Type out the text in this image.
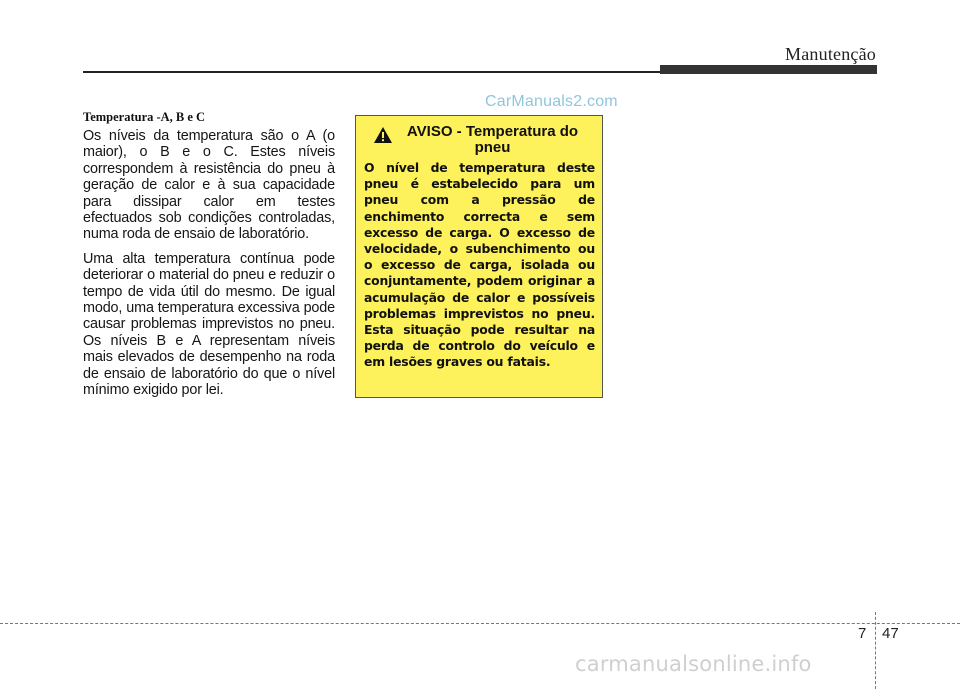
Manutenção
CarManuals2.com
Temperatura -A, B e C

Os níveis da temperatura são o A (o maior), o B e o C. Estes níveis correspondem à resistência do pneu à geração de calor e à sua capacidade para dissipar calor em testes efectuados sob condições controladas, numa roda de ensaio de laboratório.

Uma alta temperatura contínua pode deteriorar o material do pneu e reduzir o tempo de vida útil do mesmo. De igual modo, uma temperatura excessiva pode causar problemas imprevistos no pneu. Os níveis B e A representam níveis mais elevados de desempenho na roda de ensaio de laboratório do que o nível mínimo exigido por lei.

AVISO - Temperatura do pneu

O nível de temperatura deste pneu é estabelecido para um pneu com a pressão de enchimento correcta e sem excesso de carga. O excesso de velocidade, o subenchimento ou o excesso de carga, isolada ou conjuntamente, podem originar a acumulação de calor e possíveis problemas imprevistos no pneu. Esta situação pode resultar na perda de controlo do veículo e em lesões graves ou fatais.

7 47
carmanualsonline.info
